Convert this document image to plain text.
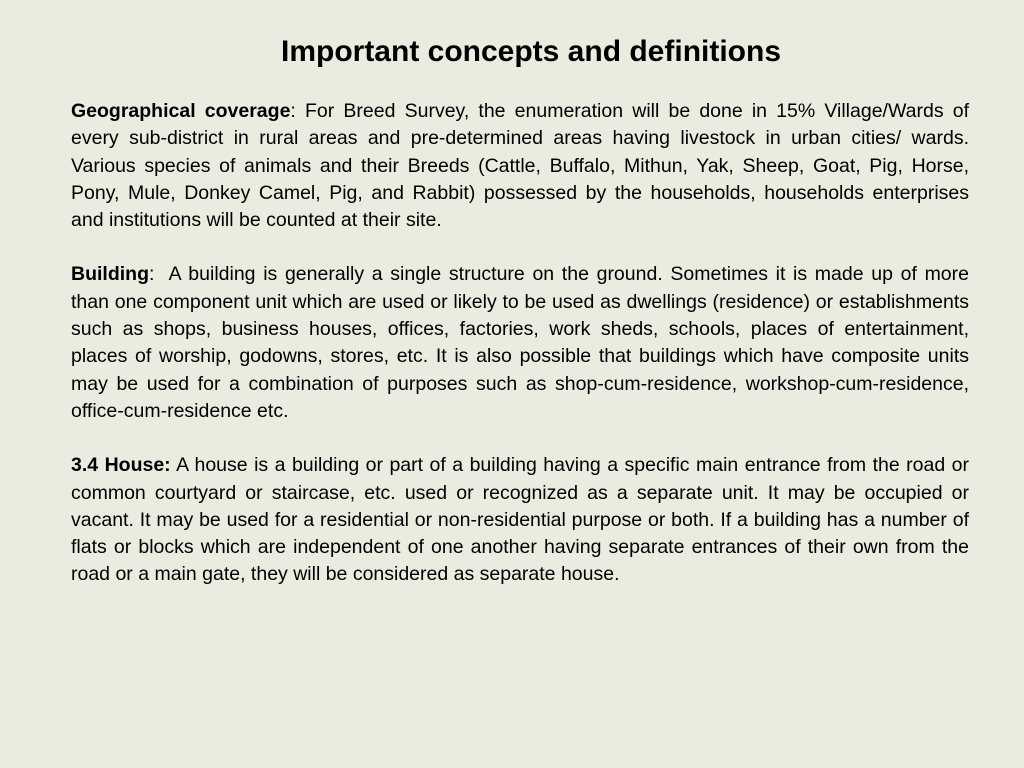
Important concepts and definitions

Geographical coverage: For Breed Survey, the enumeration will be done in 15% Village/Wards of every sub-district in rural areas and pre-determined areas having livestock in urban cities/ wards. Various species of animals and their Breeds (Cattle, Buffalo, Mithun, Yak, Sheep, Goat, Pig, Horse, Pony, Mule, Donkey Camel, Pig, and Rabbit) possessed by the households, households enterprises and institutions will be counted at their site.

Building:  A building is generally a single structure on the ground. Sometimes it is made up of more than one component unit which are used or likely to be used as dwellings (residence) or establishments such as shops, business houses, offices, factories, work sheds, schools, places of entertainment, places of worship, godowns, stores, etc. It is also possible that buildings which have composite units may be used for a combination of purposes such as shop-cum-residence, workshop-cum-residence, office-cum-residence etc.

3.4 House: A house is a building or part of a building having a specific main entrance from the road or common courtyard or staircase, etc. used or recognized as a separate unit. It may be occupied or vacant. It may be used for a residential or non-residential purpose or both. If a building has a number of flats or blocks which are independent of one another having separate entrances of their own from the road or a main gate, they will be considered as separate house.
